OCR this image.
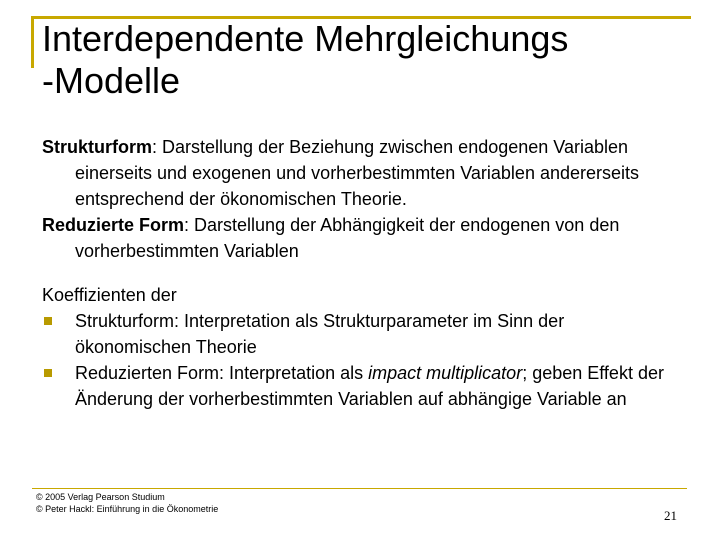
Interdependente Mehrgleichungs
-Modelle

Strukturform: Darstellung der Beziehung zwischen endogenen Variablen einerseits und exogenen und vorherbestimmten Variablen andererseits entsprechend der ökonomischen Theorie.

Reduzierte Form: Darstellung der Abhängigkeit der endogenen von den vorherbestimmten Variablen

Koeffizienten der

Strukturform: Interpretation als Strukturparameter im Sinn der ökonomischen Theorie

Reduzierten Form: Interpretation als impact multiplicator; geben Effekt der Änderung der vorherbestimmten Variablen auf abhängige Variable an

© 2005 Verlag Pearson Studium
© Peter Hackl: Einführung in die Ökonometrie	21
